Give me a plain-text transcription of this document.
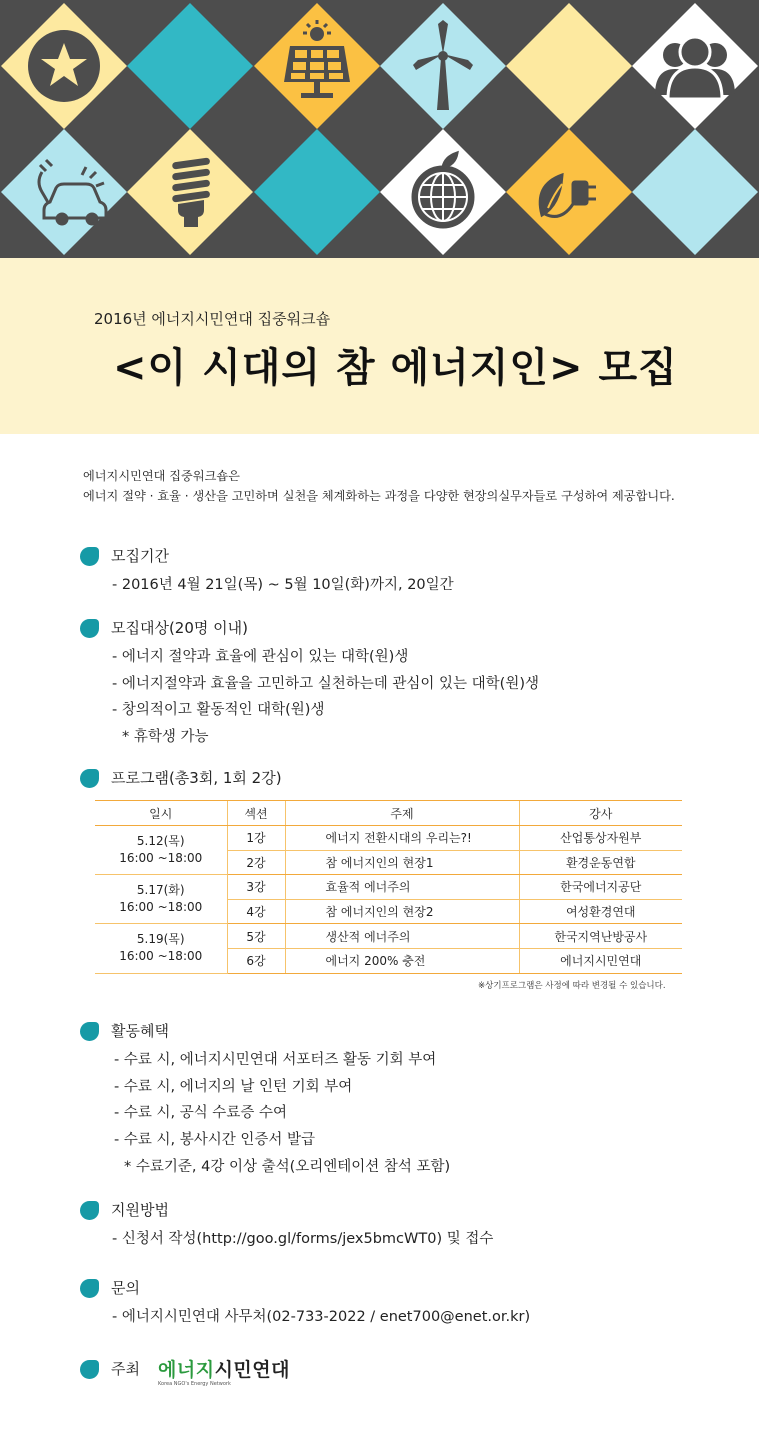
2016년 에너지시민연대 집중워크숍
<이 시대의 참 에너지인> 모집
에너지시민연대 집중워크숍은
에너지 절약 · 효율 · 생산을 고민하며 실천을 체계화하는 과정을 다양한 현장의실무자들로 구성하여 제공합니다.
모집기간
- 2016년 4월 21일(목) ~ 5월 10일(화)까지, 20일간
모집대상(20명 이내)
- 에너지 절약과 효율에 관심이 있는 대학(원)생
- 에너지절약과 효율을 고민하고 실천하는데 관심이 있는 대학(원)생
- 창의적이고 활동적인 대학(원)생
* 휴학생 가능
프로그램(총3회, 1회 2강)
일시	섹션	주제	강사

5.12(목)
16:00 ~18:00	1강	에너지 전환시대의 우리는?!	산업통상자원부
	2강	참 에너지인의 현장1	환경운동연합

5.17(화)
16:00 ~18:00	3강	효율적 에너주의	한국에너지공단
	4강	참 에너지인의 현장2	여성환경연대

5.19(목)
16:00 ~18:00	5강	생산적 에너주의	한국지역난방공사
	6강	에너지 200% 충전	에너지시민연대
※상기프로그램은 사정에 따라 변경될 수 있습니다.
활동혜택
- 수료 시, 에너지시민연대 서포터즈 활동 기회 부여
- 수료 시, 에너지의 날 인턴 기회 부여
- 수료 시, 공식 수료증 수여
- 수료 시, 봉사시간 인증서 발급
* 수료기준, 4강 이상 출석(오리엔테이션 참석 포함)
지원방법
- 신청서 작성(http://goo.gl/forms/jex5bmcWT0) 및 접수
문의
- 에너지시민연대 사무처(02-733-2022 / enet700@enet.or.kr)
주최 에너지시민연대
Korea NGO's Energy Network
